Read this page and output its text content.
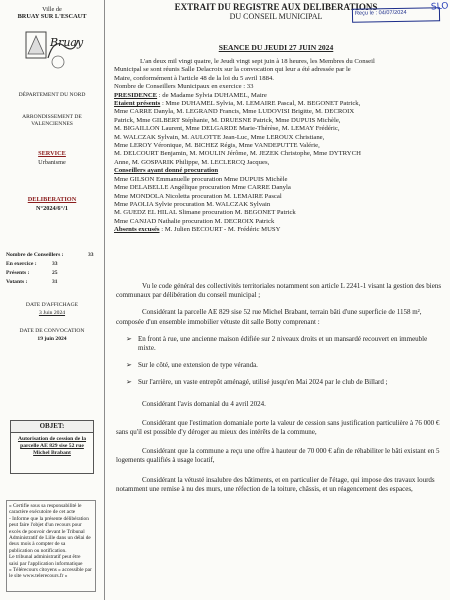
Ville de
BRUAY SUR L'ESCAUT
Bruay
DÉPARTEMENT DU NORD
ARRONDISSEMENT DE VALENCIENNES
SERVICE
Urbanisme
DELIBERATION
N°2024/6°/1
Nombre de Conseillers :	33
En exercice :	33
Présents :	25
Votants :	31
DATE D'AFFICHAGE
3 Juin 2024
DATE DE CONVOCATION
19 juin 2024
OBJET:
Autorisation de cession de la parcelle AE 829 sise 52 rue Michel Brabant
« Certifie sous sa responsabilité le
caractère exécutoire de cet acte
- Informe que la présente délibération
peut faire l'objet d'un recours pour
excès de pouvoir devant le Tribunal
Administratif de Lille dans un délai de
deux mois à compter de sa
publication ou notification.
Le tribunal administratif peut être
saisi par l'application informatique
« Télérecours citoyens » accessible par
le site www.telerecours.fr »
EXTRAIT DU REGISTRE AUX DELIBERATIONS
DU CONSEIL MUNICIPAL	Reçu le : 04/07/2024
SLO
SEANCE DU JEUDI 27 JUIN 2024
L'an deux mil vingt quatre, le Jeudi vingt sept juin à 18 heures, les Membres du Conseil
Municipal se sont réunis Salle Delacroix sur la convocation qui leur a été adressée par le
Maire, conformément à l'article 48 de la loi du 5 avril 1884.
Nombre de Conseillers Municipaux en exercice : 33
PRESIDENCE : de Madame Sylvia DUHAMEL, Maire
Etaient présents : Mme DUHAMEL Sylvia, M. LEMAIRE Pascal, M. BEGONET Patrick,
Mme CARRE Danyla, M. LEGRAND Francis, Mme LUDOVISI Brigitte, M. DECROIX
Patrick, Mme GILBERT Stéphanie, M. DRUESNE Patrick, Mme DUPUIS Michèle,
M. BIGAILLON Laurent, Mme DELGARDE Marie-Thérèse, M. LEMAY Frédéric,
M. WALCZAK Sylvain, M. AULOTTE Jean-Luc, Mme LEROUX Christiane,
Mme LEROY Véronique, M. BICHEZ Régis, Mme VANDEPUTTE Valérie,
M. DELCOURT Benjamin, M. MOULIN Jérôme, M. JEZEK Christophe, Mme DYTRYCH
Anne, M. GOSPARIK Philippe, M. LECLERCQ Jacques,
Conseillers ayant donné procuration
Mme GILSON Emmanuelle procuration Mme DUPUIS Michèle
Mme DELABELLE Angélique procuration Mme CARRE Danyla
Mme MONDOLA Nicoletta procuration M. LEMAIRE Pascal
Mme PAOLIA Sylvie procuration M. WALCZAK Sylvain
M. GUEDZ EL HILAL Slimane procuration M. BEGONET Patrick
Mme CANJAD Nathalie procuration M. DECROIX Patrick
Absents excusés : M. Julien BECOURT - M. Frédéric MUSY

Vu le code général des collectivités territoriales notamment son article L 2241-1 visant la gestion des biens communaux par délibération du conseil municipal ;

Considérant la parcelle AE 829 sise 52 rue Michel Brabant, terrain bâti d'une superficie de 1158 m², composée d'un ensemble immobilier vétuste dit salle Botty comprenant :

➢ En front à rue, une ancienne maison édifiée sur 2 niveaux droits et un mansardé recouvert en immeuble mixte.
➢ Sur le côté, une extension de type véranda.
➢ Sur l'arrière, un vaste entrepôt aménagé, utilisé jusqu'en Mai 2024 par le club de Billard ;

Considérant l'avis domanial du 4 avril 2024.

Considérant que l'estimation domaniale porte la valeur de cession sans justification particulière à 76 000 € sans qu'il est possible d'y déroger au mieux des intérêts de la commune,

Considérant que la commune a reçu une offre à hauteur de 70 000 € afin de réhabiliter le bâti existant en 5 logements qualifiés à usage locatif,

Considérant la vétusté insalubre des bâtiments, et en particulier de l'étage, qui impose des travaux lourds notamment une remise à nu des murs, une réfection de la toiture, châssis, et un réagencement des espaces,
